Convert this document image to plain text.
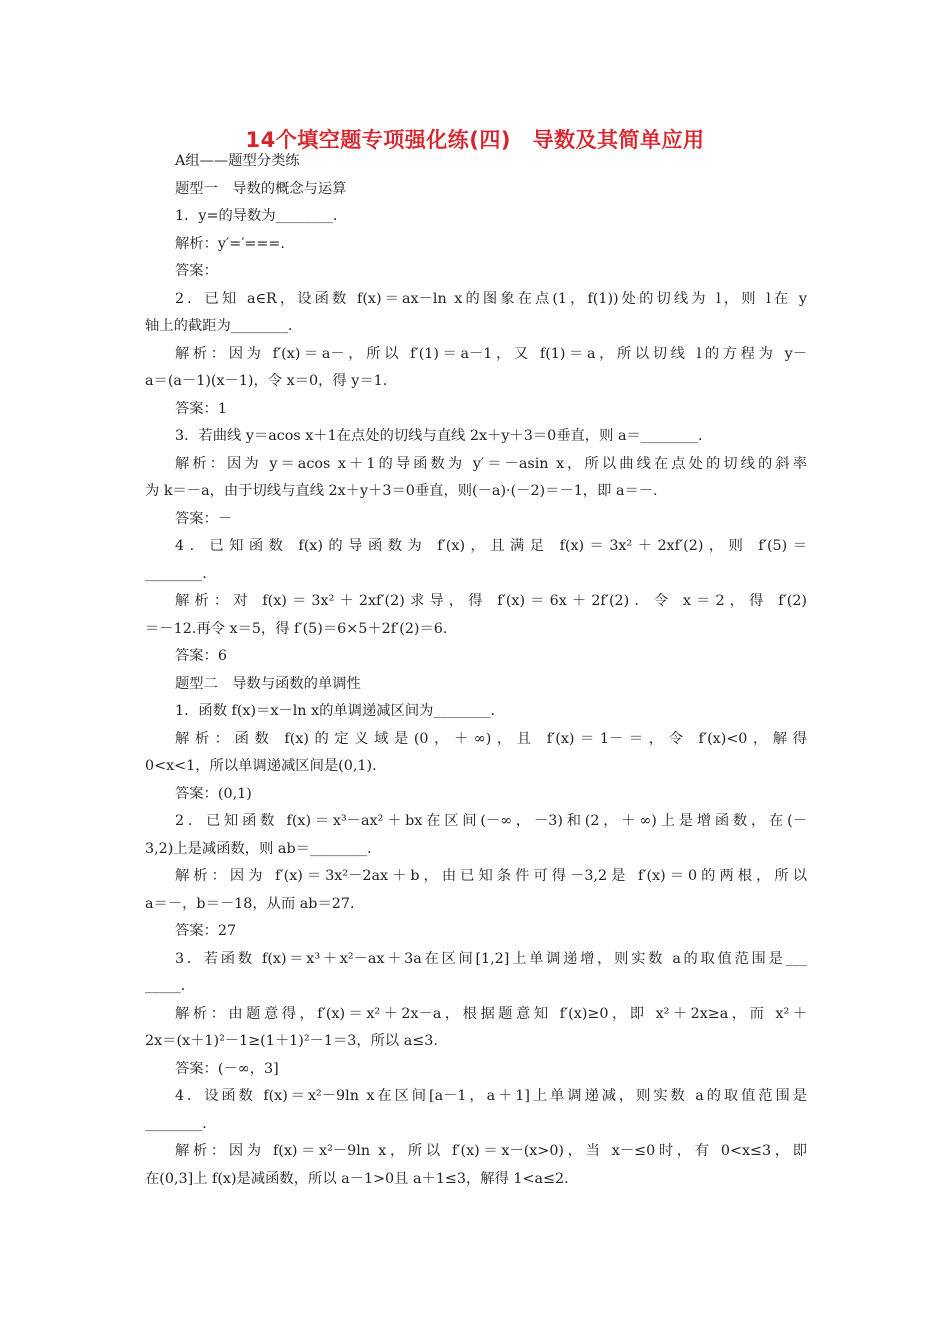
14个填空题专项强化练(四)　导数及其简单应用

A组——题型分类练

题型一　导数的概念与运算

1．y=的导数为________．

解析：y′=′===.

答案：

2．已知 a∈R，设函数 f(x)＝ax－ln x的图象在点(1，f(1))处的切线为 l，则 l在 y

轴上的截距为________．

解析：因为 f′(x)＝a－，所以 f′(1)＝a－1，又 f(1)＝a，所以切线 l的方程为 y－

a＝(a－1)(x－1)，令 x＝0，得 y＝1.

答案：1

3．若曲线 y＝acos x＋1在点处的切线与直线 2x＋y＋3＝0垂直，则 a＝________．

解析：因为 y＝acos x＋1的导函数为 y′＝－asin x，所以曲线在点处的切线的斜率

为 k＝－a，由于切线与直线 2x＋y＋3＝0垂直，则(－a)·(－2)＝－1，即 a＝－.

答案：－

4．已知函数 f(x)的导函数为 f′(x)，且满足 f(x)＝3x²＋2xf′(2)，则 f′(5)＝

________．

解析：对 f(x)＝3x²＋2xf′(2)求导，得 f′(x)＝6x＋2f′(2)．令 x＝2，得 f′(2)

＝－12.再令 x＝5，得 f′(5)＝6×5＋2f′(2)＝6.

答案：6

题型二　导数与函数的单调性

1．函数 f(x)＝x－ln x的单调递减区间为________．

解析：函数 f(x)的定义域是(0，＋∞)，且 f′(x)＝1－＝，令 f′(x)<0，解得

0<x<1，所以单调递减区间是(0,1)．

答案：(0,1)

2．已知函数 f(x)＝x³－ax²＋bx在区间(－∞，－3)和(2，＋∞)上是增函数，在(－

3,2)上是减函数，则 ab＝________．

解析：因为 f′(x)＝3x²－2ax＋b，由已知条件可得－3,2是 f′(x)＝0的两根，所以

a＝－，b＝－18，从而 ab＝27.

答案：27

3．若函数 f(x)＝x³＋x²－ax＋3a在区间[1,2]上单调递增，则实数 a的取值范围是___

_____．

解析：由题意得，f′(x)＝x²＋2x－a，根据题意知 f′(x)≥0，即 x²＋2x≥a，而 x²＋

2x＝(x＋1)²－1≥(1＋1)²－1＝3，所以 a≤3.

答案：(－∞，3]

4．设函数 f(x)＝x²－9ln x在区间[a－1，a＋1]上单调递减，则实数 a的取值范围是

________．

解析：因为 f(x)＝x²－9ln x，所以 f′(x)＝x－(x>0)，当 x－≤0时，有 0<x≤3，即

在(0,3]上 f(x)是减函数，所以 a－1>0且 a＋1≤3，解得 1<a≤2.
